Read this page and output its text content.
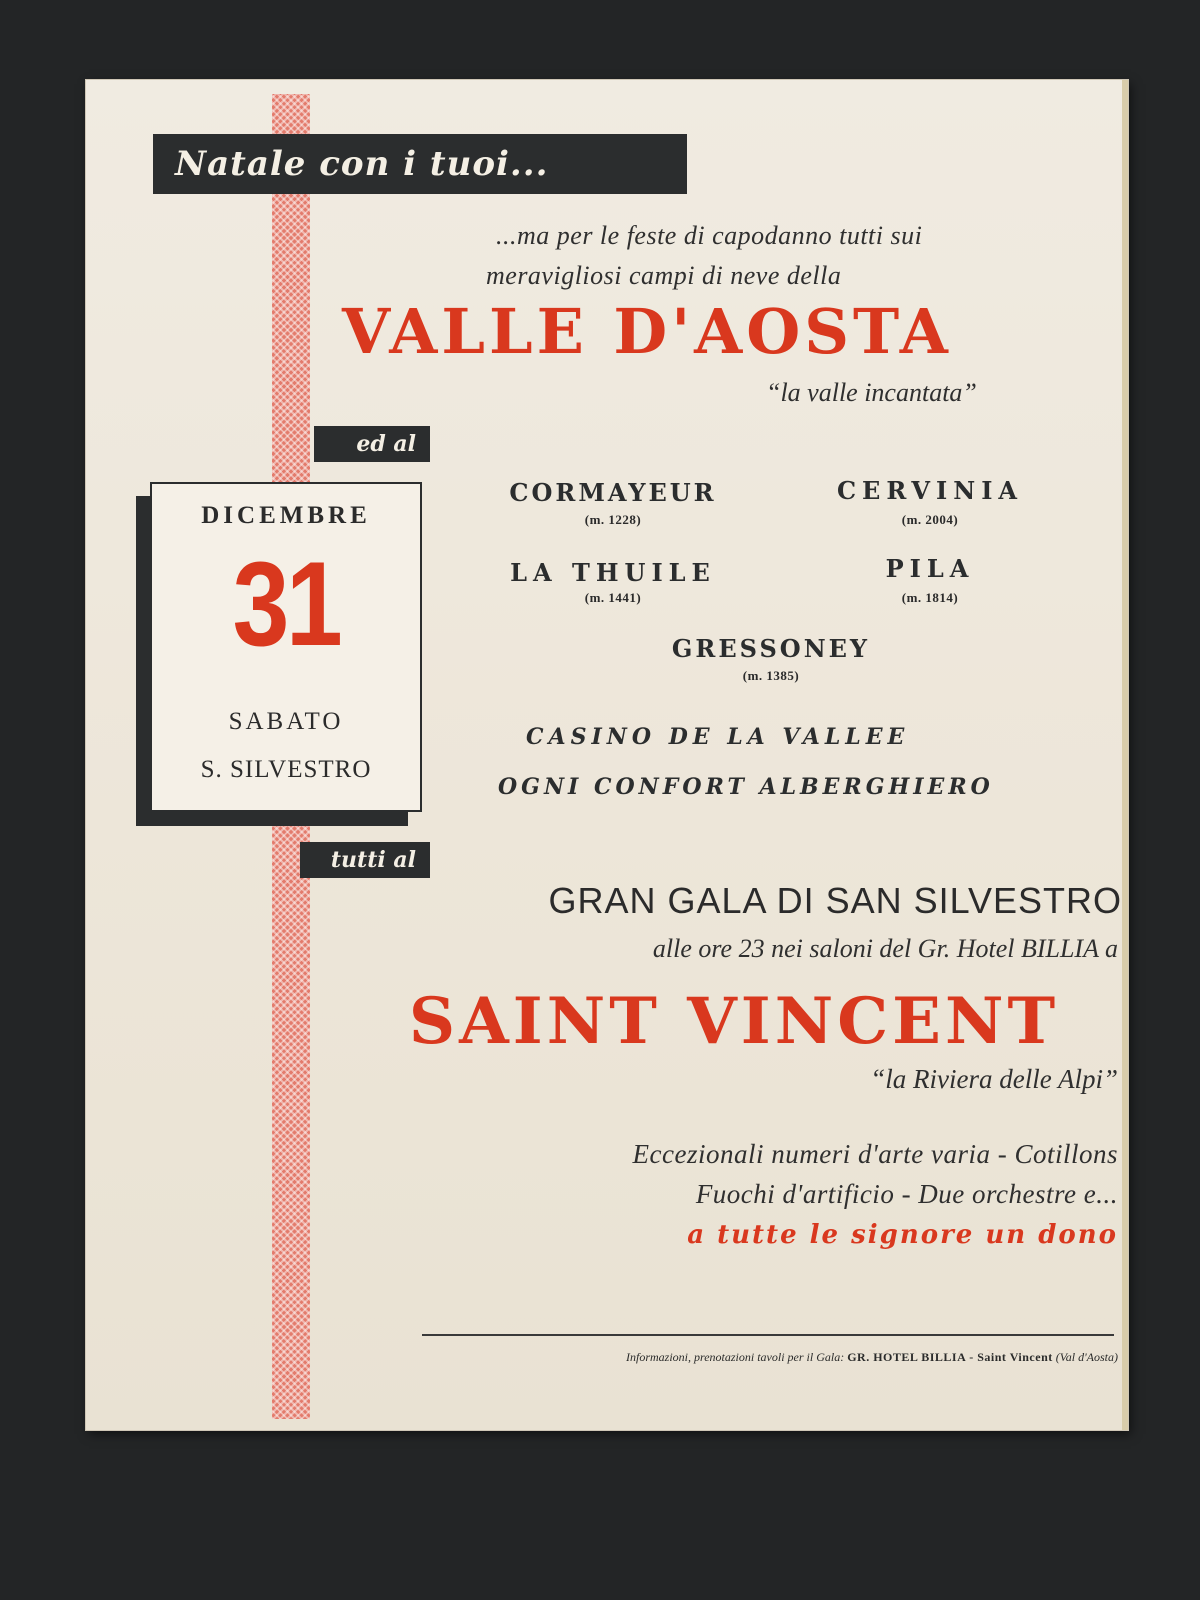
Natale con i tuoi...
...ma per le feste di capodanno tutti sui
meravigliosi campi di neve della
VALLE D'AOSTA
“la valle incantata”
ed al
DICEMBRE
31
SABATO
S. SILVESTRO
CORMAYEUR
(m. 1228)
CERVINIA
(m. 2004)
LA THUILE
(m. 1441)
PILA
(m. 1814)
GRESSONEY
(m. 1385)
CASINO DE LA VALLEE
OGNI CONFORT ALBERGHIERO
tutti al
GRAN GALA DI SAN SILVESTRO
alle ore 23 nei saloni del Gr. Hotel BILLIA a
SAINT VINCENT
“la Riviera delle Alpi”
Eccezionali numeri d'arte varia - Cotillons
Fuochi d'artificio - Due orchestre e...
a tutte le signore un dono
Informazioni, prenotazioni tavoli per il Gala: GR. HOTEL BILLIA - Saint Vincent (Val d'Aosta)
